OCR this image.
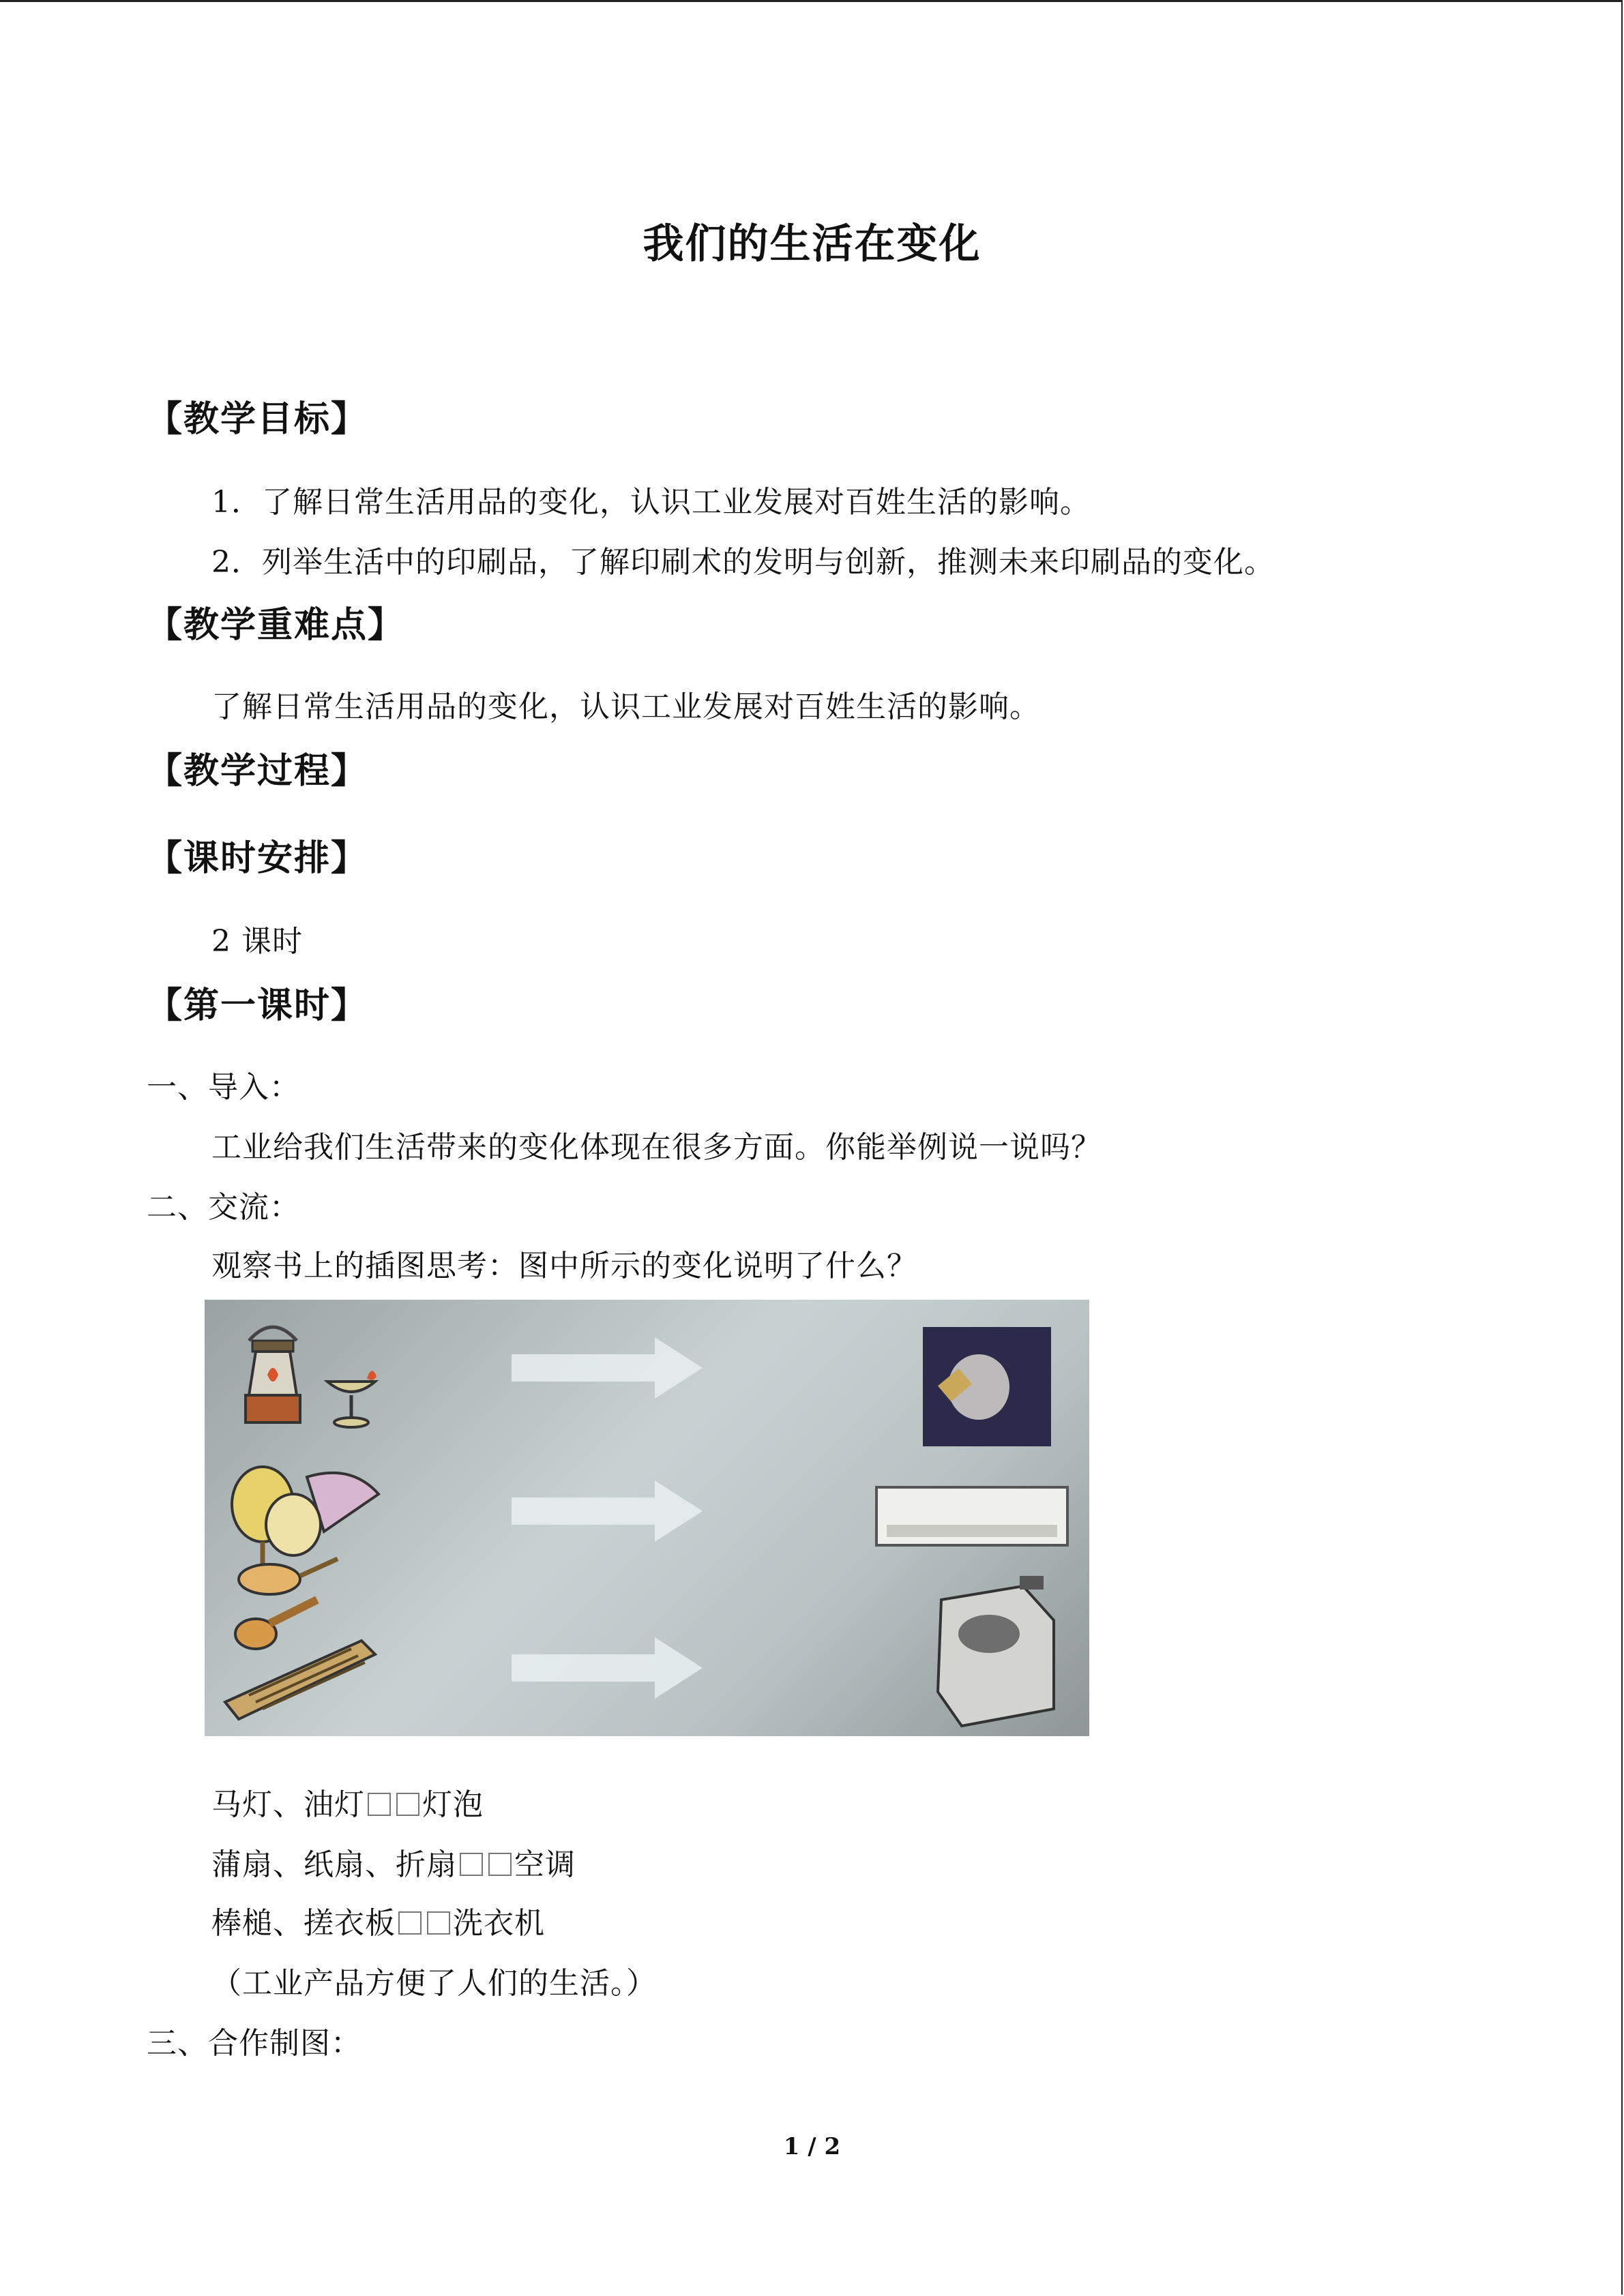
我们的生活在变化
【教学目标】
1．了解日常生活用品的变化，认识工业发展对百姓生活的影响。
2．列举生活中的印刷品，了解印刷术的发明与创新，推测未来印刷品的变化。
【教学重难点】
了解日常生活用品的变化，认识工业发展对百姓生活的影响。
【教学过程】
【课时安排】
2 课时
【第一课时】
一、导入：
工业给我们生活带来的变化体现在很多方面。你能举例说一说吗？
二、交流：
观察书上的插图思考：图中所示的变化说明了什么？
马灯、油灯 灯泡
蒲扇、纸扇、折扇 空调
棒槌、搓衣板 洗衣机
（工业产品方便了人们的生活。）
三、合作制图：
1 / 2
